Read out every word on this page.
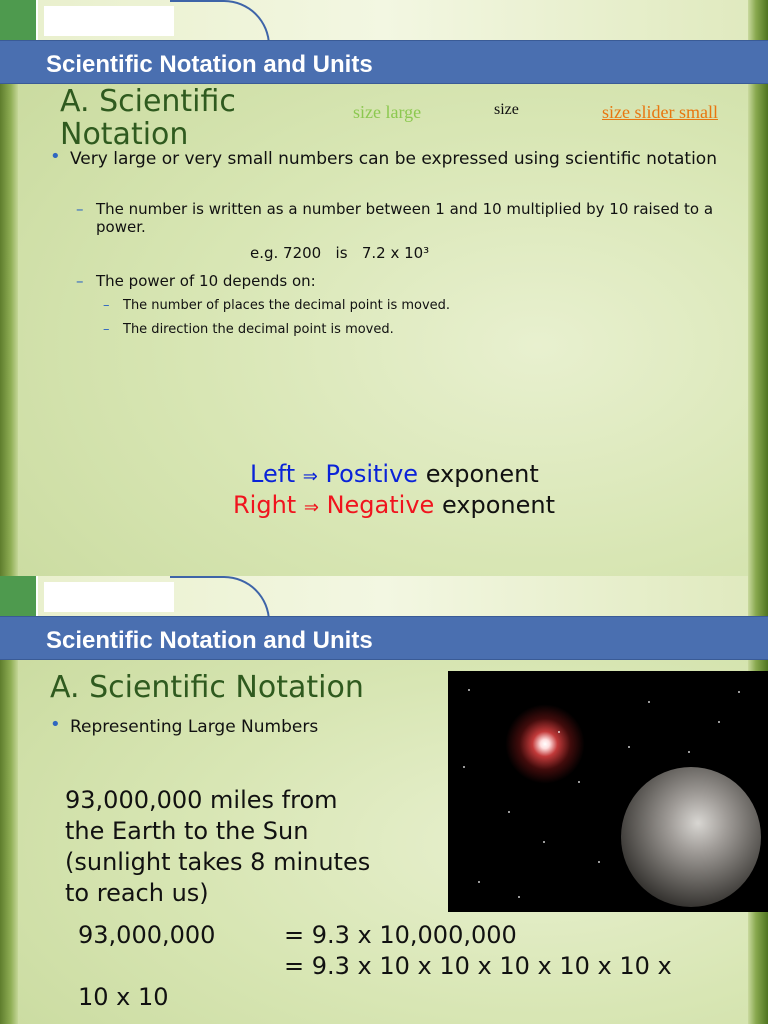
Scientific Notation and Units
A. Scientific
Notation
size large	size	size slider small
• Very large or very small numbers can be expressed using scientific notation
– The number is written as a number between 1 and 10 multiplied by 10 raised to a power.
e.g. 7200   is   7.2 x 10³
– The power of 10 depends on:
– The number of places the decimal point is moved.
– The direction the decimal point is moved.
Left ⇒ Positive exponent
Right ⇒ Negative exponent
Scientific Notation and Units
A. Scientific Notation
• Representing Large Numbers
93,000,000 miles from
the Earth to the Sun
(sunlight takes 8 minutes
to reach us)
93,000,000	= 9.3 x 10,000,000
= 9.3 x 10 x 10 x 10 x 10 x 10 x
10 x 10
